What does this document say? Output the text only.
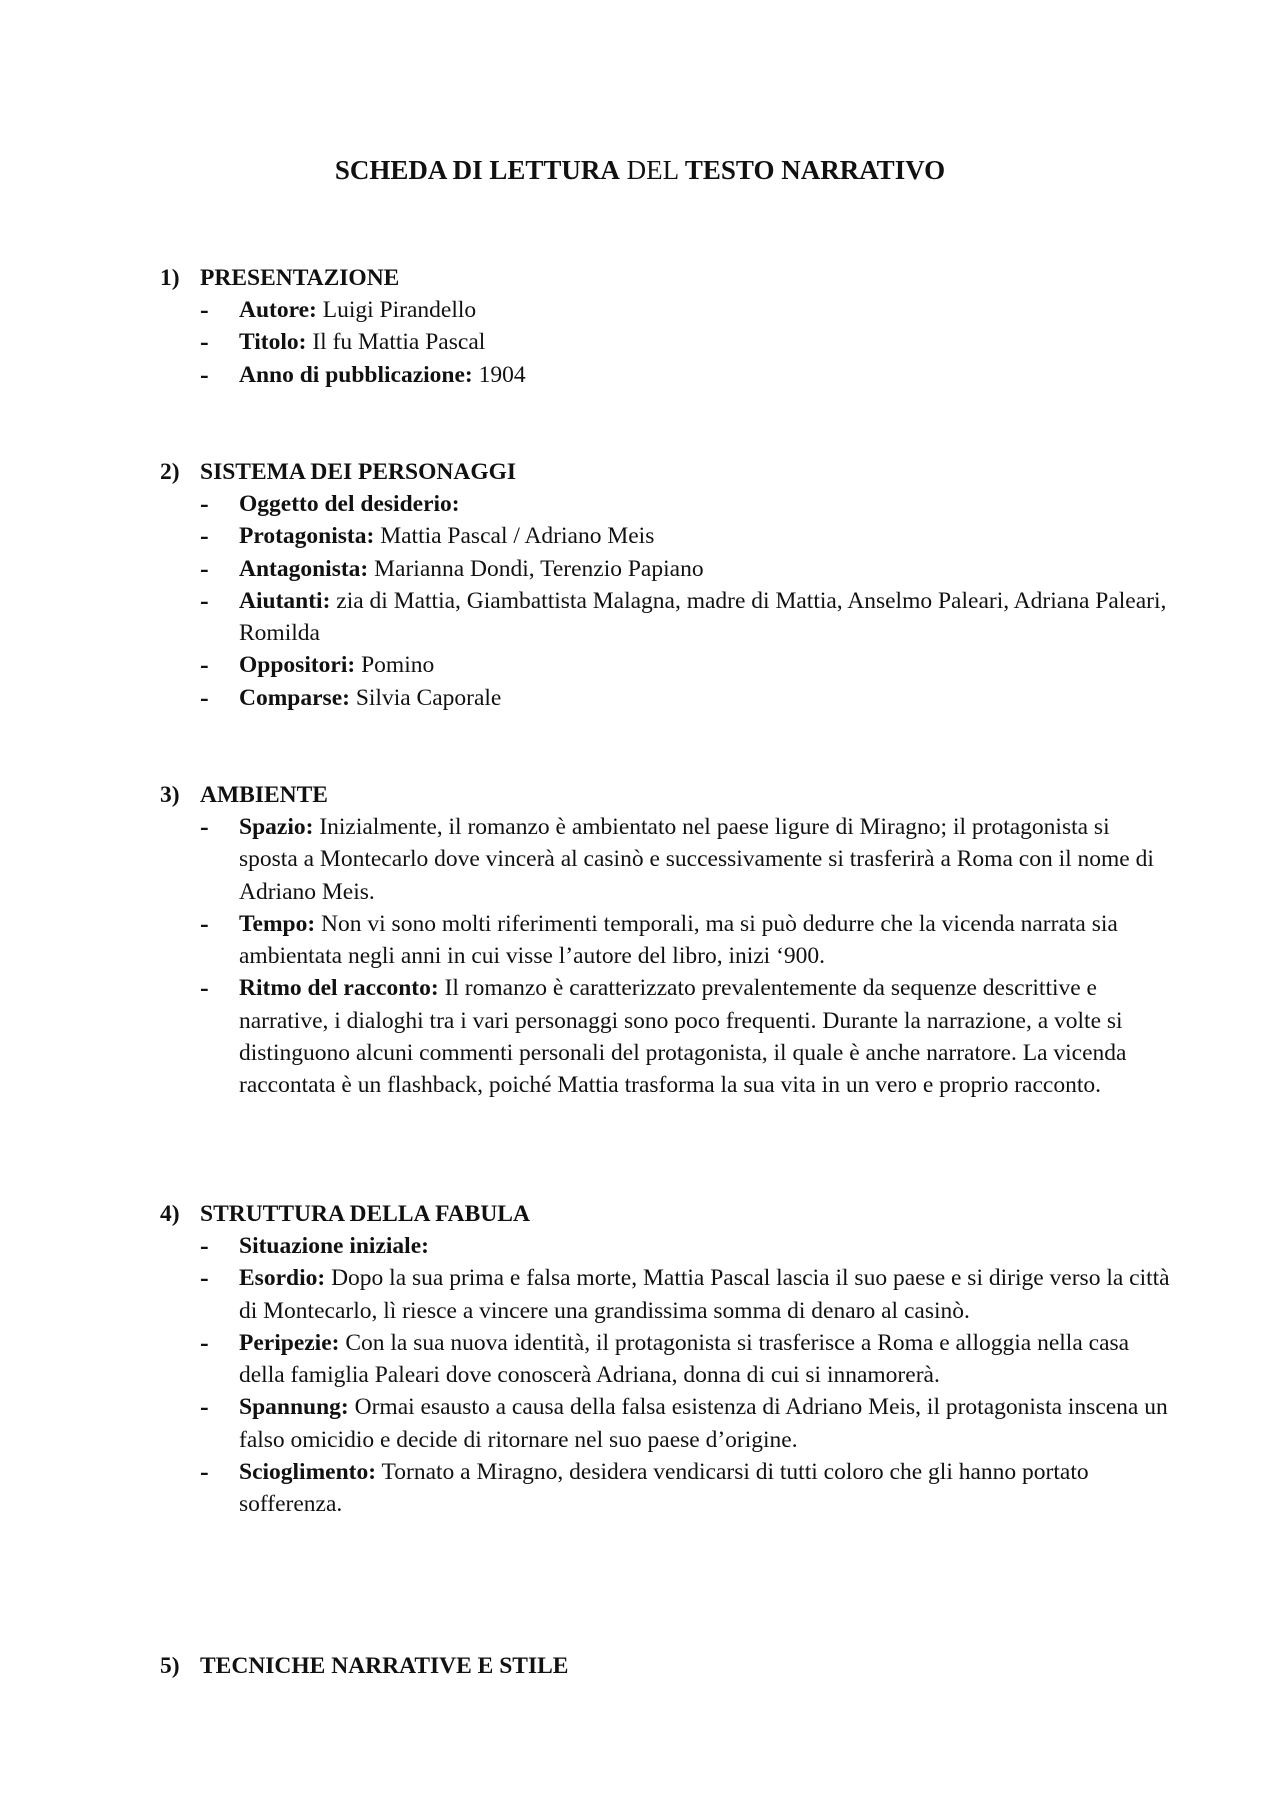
SCHEDA DI LETTURA DEL TESTO NARRATIVO
1) PRESENTAZIONE
- Autore: Luigi Pirandello
- Titolo: Il fu Mattia Pascal
- Anno di pubblicazione: 1904
2) SISTEMA DEI PERSONAGGI
- Oggetto del desiderio:
- Protagonista: Mattia Pascal / Adriano Meis
- Antagonista: Marianna Dondi, Terenzio Papiano
- Aiutanti: zia di Mattia, Giambattista Malagna, madre di Mattia, Anselmo Paleari, Adriana Paleari, Romilda
- Oppositori: Pomino
- Comparse: Silvia Caporale
3) AMBIENTE
- Spazio: Inizialmente, il romanzo è ambientato nel paese ligure di Miragno; il protagonista si sposta a Montecarlo dove vincerà al casinò e successivamente si trasferirà a Roma con il nome di Adriano Meis.
- Tempo: Non vi sono molti riferimenti temporali, ma si può dedurre che la vicenda narrata sia ambientata negli anni in cui visse l’autore del libro, inizi ‘900.
- Ritmo del racconto: Il romanzo è caratterizzato prevalentemente da sequenze descrittive e narrative, i dialoghi tra i vari personaggi sono poco frequenti. Durante la narrazione, a volte si distinguono alcuni commenti personali del protagonista, il quale è anche narratore. La vicenda raccontata è un flashback, poiché Mattia trasforma la sua vita in un vero e proprio racconto.
4) STRUTTURA DELLA FABULA
- Situazione iniziale:
- Esordio: Dopo la sua prima e falsa morte, Mattia Pascal lascia il suo paese e si dirige verso la città di Montecarlo, lì riesce a vincere una grandissima somma di denaro al casinò.
- Peripezie: Con la sua nuova identità, il protagonista si trasferisce a Roma e alloggia nella casa della famiglia Paleari dove conoscerà Adriana, donna di cui si innamorerà.
- Spannung: Ormai esausto a causa della falsa esistenza di Adriano Meis, il protagonista inscena un falso omicidio e decide di ritornare nel suo paese d’origine.
- Scioglimento: Tornato a Miragno, desidera vendicarsi di tutti coloro che gli hanno portato sofferenza.
5) TECNICHE NARRATIVE E STILE
